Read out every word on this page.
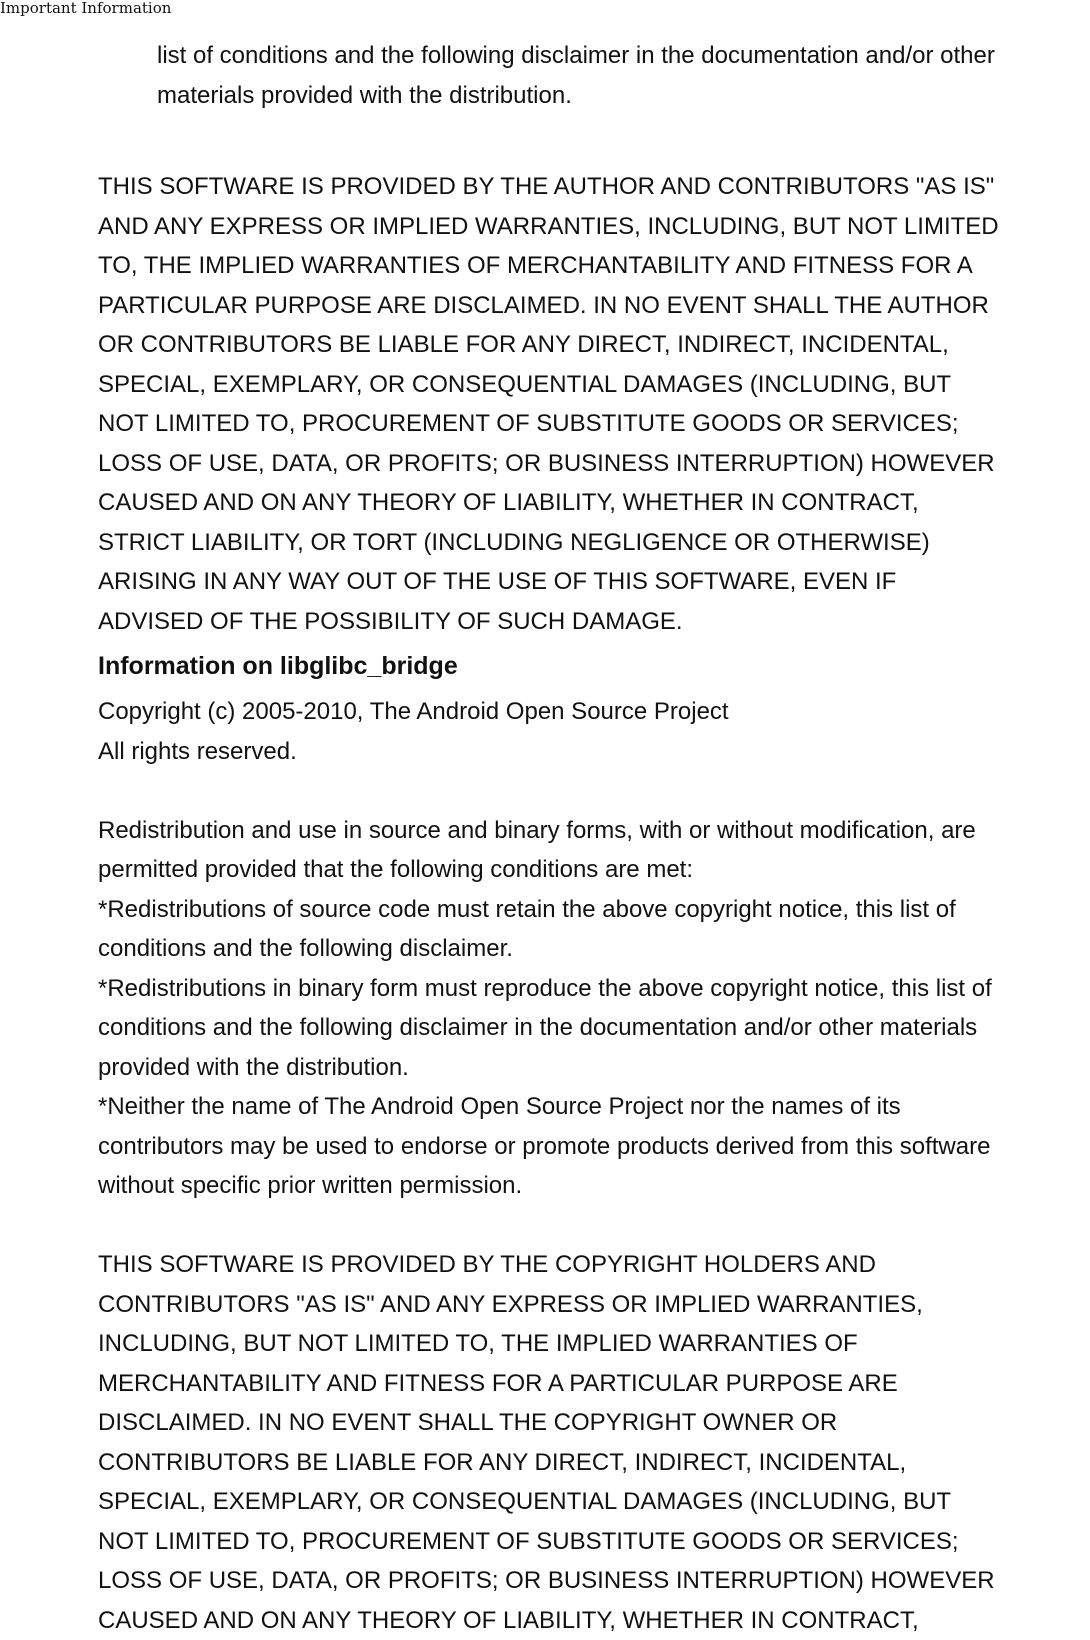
Important Information

list of conditions and the following disclaimer in the documentation and/or other
materials provided with the distribution.

THIS SOFTWARE IS PROVIDED BY THE AUTHOR AND CONTRIBUTORS "AS IS"
AND ANY EXPRESS OR IMPLIED WARRANTIES, INCLUDING, BUT NOT LIMITED
TO, THE IMPLIED WARRANTIES OF MERCHANTABILITY AND FITNESS FOR A
PARTICULAR PURPOSE ARE DISCLAIMED. IN NO EVENT SHALL THE AUTHOR
OR CONTRIBUTORS BE LIABLE FOR ANY DIRECT, INDIRECT, INCIDENTAL,
SPECIAL, EXEMPLARY, OR CONSEQUENTIAL DAMAGES (INCLUDING, BUT
NOT LIMITED TO, PROCUREMENT OF SUBSTITUTE GOODS OR SERVICES;
LOSS OF USE, DATA, OR PROFITS; OR BUSINESS INTERRUPTION) HOWEVER
CAUSED AND ON ANY THEORY OF LIABILITY, WHETHER IN CONTRACT,
STRICT LIABILITY, OR TORT (INCLUDING NEGLIGENCE OR OTHERWISE)
ARISING IN ANY WAY OUT OF THE USE OF THIS SOFTWARE, EVEN IF
ADVISED OF THE POSSIBILITY OF SUCH DAMAGE.

Information on libglibc_bridge

Copyright (c) 2005-2010, The Android Open Source Project
All rights reserved.

Redistribution and use in source and binary forms, with or without modification, are
permitted provided that the following conditions are met:
*Redistributions of source code must retain the above copyright notice, this list of
conditions and the following disclaimer.
*Redistributions in binary form must reproduce the above copyright notice, this list of
conditions and the following disclaimer in the documentation and/or other materials
provided with the distribution.
*Neither the name of The Android Open Source Project nor the names of its
contributors may be used to endorse or promote products derived from this software
without specific prior written permission.

THIS SOFTWARE IS PROVIDED BY THE COPYRIGHT HOLDERS AND
CONTRIBUTORS "AS IS" AND ANY EXPRESS OR IMPLIED WARRANTIES,
INCLUDING, BUT NOT LIMITED TO, THE IMPLIED WARRANTIES OF
MERCHANTABILITY AND FITNESS FOR A PARTICULAR PURPOSE ARE
DISCLAIMED. IN NO EVENT SHALL THE COPYRIGHT OWNER OR
CONTRIBUTORS BE LIABLE FOR ANY DIRECT, INDIRECT, INCIDENTAL,
SPECIAL, EXEMPLARY, OR CONSEQUENTIAL DAMAGES (INCLUDING, BUT
NOT LIMITED TO, PROCUREMENT OF SUBSTITUTE GOODS OR SERVICES;
LOSS OF USE, DATA, OR PROFITS; OR BUSINESS INTERRUPTION) HOWEVER
CAUSED AND ON ANY THEORY OF LIABILITY, WHETHER IN CONTRACT,
